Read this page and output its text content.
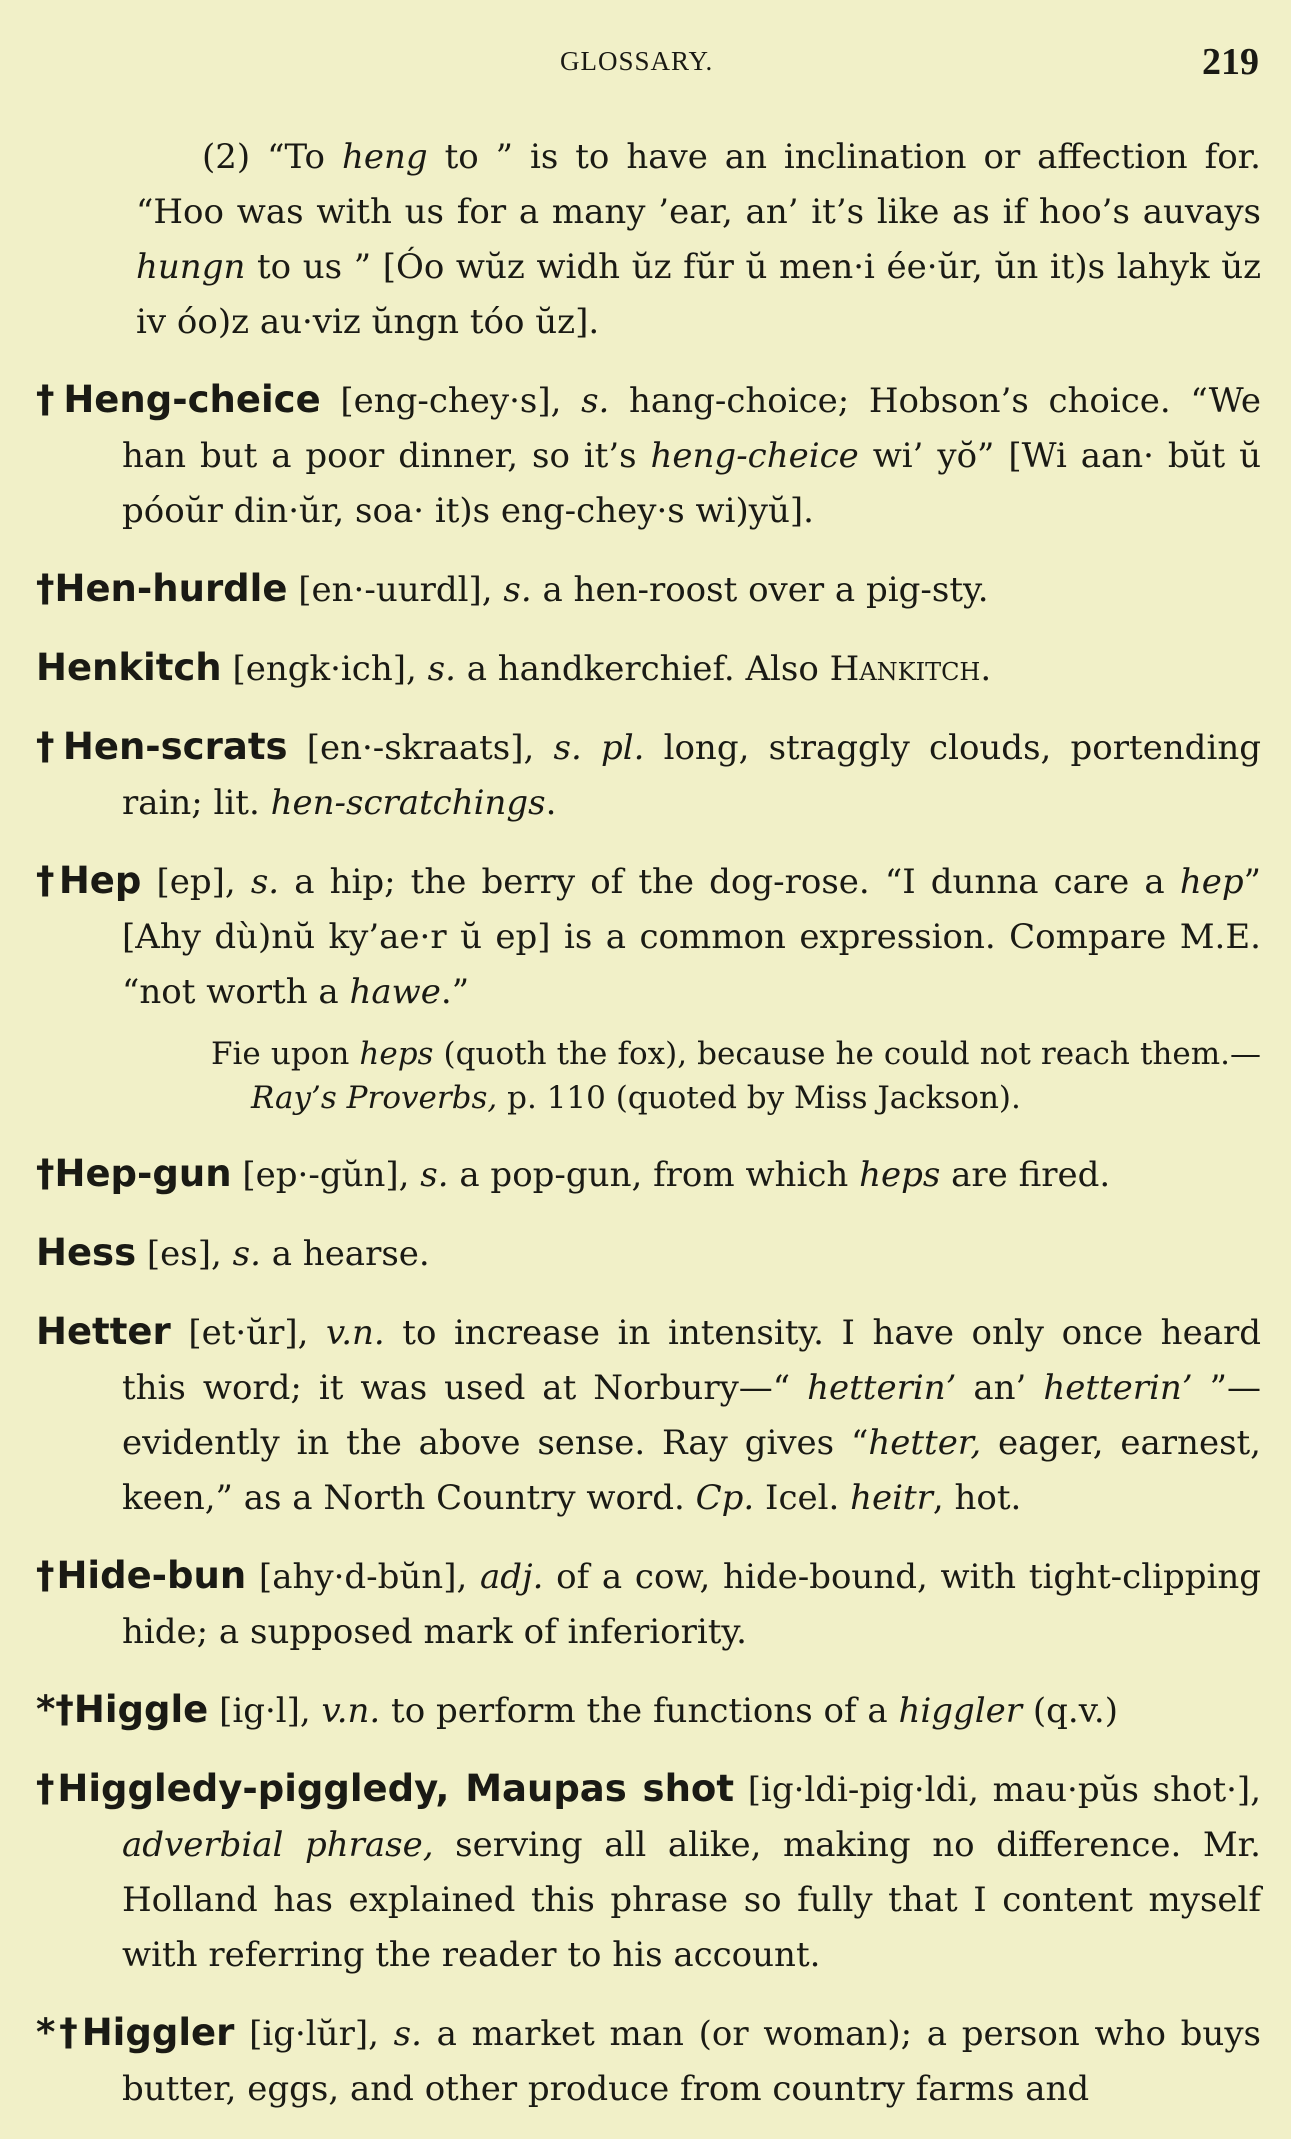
GLOSSARY.	219

(2) “To heng to ” is to have an inclination or affection for. “Hoo was with us for a many ’ear, an’ it’s like as if hoo’s auvays hungn to us ” [Óo wŭz widh ŭz fŭr ŭ men·i ée·ŭr, ŭn it)s lahyk ŭz iv óo)z au·viz ŭngn tóo ŭz].

†Heng-cheice [eng-chey·s], s. hang-choice; Hobson’s choice. “We han but a poor dinner, so it’s heng-cheice wi’ yŏ” [Wi aan· bŭt ŭ póoŭr din·ŭr, soa· it)s eng-chey·s wi)yŭ].

†Hen-hurdle [en·-uurdl], s. a hen-roost over a pig-sty.

Henkitch [engk·ich], s. a handkerchief. Also Hankitch.

†Hen-scrats [en·-skraats], s. pl. long, straggly clouds, portending rain; lit. hen-scratchings.

†Hep [ep], s. a hip; the berry of the dog-rose. “I dunna care a hep” [Ahy dù)nŭ ky’ae·r ŭ ep] is a common expression. Compare M.E. “not worth a hawe.”

Fie upon heps (quoth the fox), because he could not reach them.—Ray’s Proverbs, p. 110 (quoted by Miss Jackson).

†Hep-gun [ep·-gŭn], s. a pop-gun, from which heps are fired.

Hess [es], s. a hearse.

Hetter [et·ŭr], v.n. to increase in intensity. I have only once heard this word; it was used at Norbury—“ hetterin’ an’ hetterin’ ”—evidently in the above sense. Ray gives “hetter, eager, earnest, keen,” as a North Country word. Cp. Icel. heitr, hot.

†Hide-bun [ahy·d-bŭn], adj. of a cow, hide-bound, with tight-clipping hide; a supposed mark of inferiority.

*†Higgle [ig·l], v.n. to perform the functions of a higgler (q.v.)

†Higgledy-piggledy, Maupas shot [ig·ldi-pig·ldi, mau·pŭs shot·], adverbial phrase, serving all alike, making no difference. Mr. Holland has explained this phrase so fully that I content myself with referring the reader to his account.

*†Higgler [ig·lŭr], s. a market man (or woman); a person who buys butter, eggs, and other produce from country farms and
